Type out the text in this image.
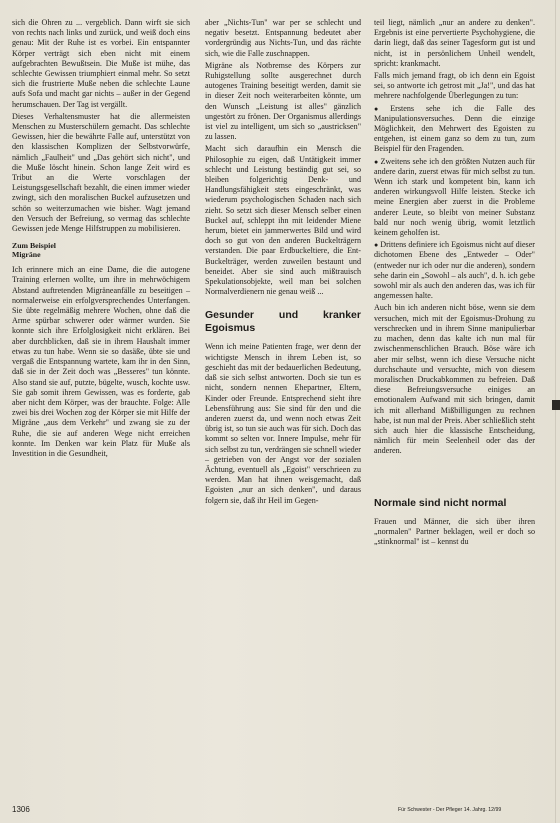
sich die Ohren zu ... vergeblich. Dann wirft sie sich von rechts nach links und zurück, und weiß doch eins genau: Mit der Ruhe ist es vorbei. Ein entspannter Körper verträgt sich eben nicht mit einem aufgebrachten Bewußtsein. Die Muße ist mühe, das schlechte Gewissen triumphiert einmal mehr. So setzt sich die frustrierte Muße neben die schlechte Laune aufs Sofa und macht gar nichts – außer in der Gegend herumschauen. Der Tag ist vergällt.

Dieses Verhaltensmuster hat die allermeisten Menschen zu Musterschülern gemacht. Das schlechte Gewissen, hier die bewährte Falle auf, unterstützt von den klassischen Komplizen der Selbstvorwürfe, nämlich „Faulheit" und „Das gehört sich nicht", und die Muße löscht hinein. Schon lange Zeit wird es Tribut an die Werte vorschlagen der Leistungsgesellschaft bezahlt, die einen immer wieder zwingt, sich den moralischen Buckel aufzusetzen und schön so weiterzumachen wie bisher. Wagt jemand den Versuch der Befreiung, so vermag das schlechte Gewissen jede Menge Hilfstruppen zu mobilisieren.

Zum Beispiel
Migräne

Ich erinnere mich an eine Dame, die die autogene Training erlernen wollte, um ihre in mehrwöchigem Abstand auftretenden Migräneanfälle zu beseitigen – normalerweise ein erfolgversprechendes Unterfangen. Sie übte regelmäßig mehrere Wochen, ohne daß die Arme spürbar schwerer oder wärmer wurden. Sie konnte sich ihre Erfolglosigkeit nicht erklären. Bei aber durchblicken, daß sie in ihrem Haushalt immer etwas zu tun habe. Wenn sie so dasäße, übte sie und vergaß die Entspannung wartete, kam ihr in den Sinn, daß sie in der Zeit doch was „Besseres" tun könnte. Also stand sie auf, putzte, bügelte, wusch, kochte usw. Sie gab somit ihrem Gewissen, was es forderte, gab aber nicht dem Körper, was der brauchte. Folge: Alle zwei bis drei Wochen zog der Körper sie mit Hilfe der Migräne „aus dem Verkehr" und zwang sie zu der Ruhe, die sie auf anderen Wege nicht erreichen konnte. Im Denken war kein Platz für Muße als Investition in die Gesundheit,

aber „Nichts-Tun" war per se schlecht und negativ besetzt. Entspannung bedeutet aber vordergründig aus Nichts-Tun, und das rächte sich, wie die Falle zuschnappen.

Migräne als Notbremse des Körpers zur Ruhigstellung sollte ausgerechnet durch autogenes Training beseitigt werden, damit sie in dieser Zeit noch weiterarbeiten könnte, um den Wunsch „Leistung ist alles" gänzlich ungestört zu frönen. Der Organismus allerdings ist viel zu intelligent, um sich so „austricksen" zu lassen.

Macht sich daraufhin ein Mensch die Philosophie zu eigen, daß Untätigkeit immer schlecht und Leistung beständig gut sei, so bleiben folgerichtig Denk- und Handlungsfähigkeit stets eingeschränkt, was wiederum psychologischen Schaden nach sich zieht. So setzt sich dieser Mensch selber einen Buckel auf, schleppt ihn mit leidender Miene herum, bietet ein jammerwertes Bild und wird doch so gut von den anderen Buckelträgern verstanden. Die paar Erdbuckeltiere, die Ent-Buckelträger, werden zuweilen bestaunt und beneidet. Aber sie sind auch mißtrauisch Spekulationsobjekte, weil man bei solchen Normalverdienern nie genau weiß ...

Gesunder und kranker Egoismus

Wenn ich meine Patienten frage, wer denn der wichtigste Mensch in ihrem Leben ist, so geschieht das mit der bedauerlichen Bedeutung, daß sie sich selbst antworten. Doch sie tun es nicht, sondern nennen Ehepartner, Eltern, Kinder oder Freunde. Entsprechend sieht ihre Lebensführung aus: Sie sind für den und die anderen zuerst da, und wenn noch etwas Zeit übrig ist, so tun sie auch was für sich. Doch das kommt so selten vor. Innere Impulse, mehr für sich selbst zu tun, verdrängen sie schnell wieder – getrieben von der Angst vor der sozialen Ächtung, eventuell als „Egoist" verschrieen zu werden. Man hat ihnen weisgemacht, daß Egoisten „nur an sich denken", und daraus folgern sie, daß ihr Heil im Gegen-

teil liegt, nämlich „nur an andere zu denken". Ergebnis ist eine pervertierte Psychohygiene, die darin liegt, daß das seiner Tagesform gut ist und nicht, ist in persönlichem Unheil wendelt, spricht: krankmacht.

Falls mich jemand fragt, ob ich denn ein Egoist sei, so antworte ich getrost mit „Ja!", und das hat mehrere nachfolgende Überlegungen zu tun:

● Erstens sehe ich die Falle des Manipulationsversuches. Denn die einzige Möglichkeit, den Mehrwert des Egoisten zu entgehen, ist einem ganz so dem zu tun, zum Beispiel für den Fragenden.

● Zweitens sehe ich den größten Nutzen auch für andere darin, zuerst etwas für mich selbst zu tun. Wenn ich stark und kompetent bin, kann ich anderen wirkungsvoll Hilfe leisten. Stecke ich meine Energien aber zuerst in die Probleme anderer Leute, so bleibt von meiner Substanz bald nur noch wenig übrig, womit letztlich keinem geholfen ist.

● Drittens definiere ich Egoismus nicht auf dieser dichotomen Ebene des „Entweder – Oder" (entweder nur ich oder nur die anderen), sondern sehe darin ein „Sowohl – als auch", d. h. ich gebe sowohl mir als auch den anderen das, was ich für angemessen halte.

Auch bin ich anderen nicht böse, wenn sie dem versuchen, mich mit der Egoismus-Drohung zu verschrecken und in ihrem Sinne manipulierbar zu machen, denn das kalte ich nun mal für zwischenmenschlichen Brauch. Böse wäre ich aber mir selbst, wenn ich diese Versuche nicht durchschaute und versuchte, mich von diesem moralischen Druckabkommen zu befreien. Daß diese Befreiungsversuche einiges an emotionalem Aufwand mit sich bringen, damit ich mit allerhand Mißbilligungen zu rechnen habe, ist nun mal der Preis. Aber schließlich steht sich auch hier die klassische Entscheidung, nämlich für mein Seelenheil oder das der anderen.

Normale sind nicht normal

Frauen und Männer, die sich über ihren „normalen" Partner beklagen, weil er doch so „stinknormal" ist – kennst du

1306	Für Schwester - Der Pfleger 14. Jahrg. 12/99
